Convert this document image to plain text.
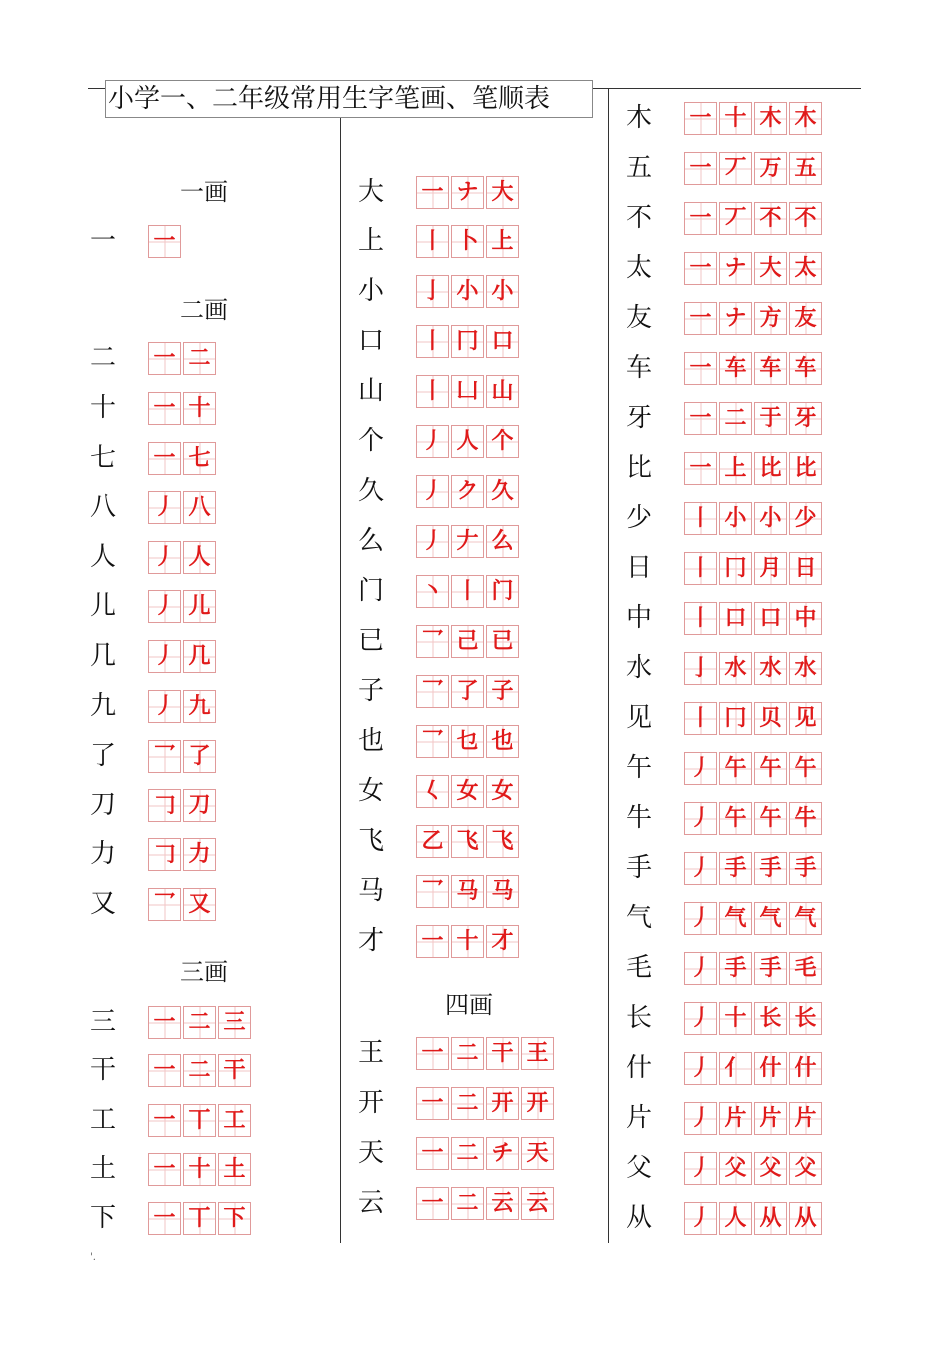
小学一、二年级常用生字笔画、笔顺表
一画
一 一
二画
二 一 二
十 一 十
七 一 七
八 丿 八
人 丿 人
儿 丿 儿
几 丿 几
九 丿 九
了 乛 了
刀 𠃌 刀
力 𠃌 力
又 乛 又
三画
三 一 二 三
干 一 二 干
工 一 丅 工
土 一 十 土
下 一 丅 下
大 一 ナ 大
上 丨 卜 上
小 亅 小 小
口 丨 冂 口
山 丨 凵 山
个 丿 人 个
久 丿 ク 久
么 丿 𠂇 么
门 丶 丨 门
已 乛 己 已
子 乛 了 子
也 乛 乜 也
女 𡿨 女 女
飞 乙 飞 飞
马 乛 马 马
才 一 十 才
四画
王 一 二 干 王
开 一 二 开 开
天 一 二 チ 天
云 一 二 云 云
木 一 十 木 木
五 一 丆 万 五
不 一 丆 不 不
太 一 ナ 大 太
友 一 ナ 方 友
车 一 车 车 车
牙 一 二 于 牙
比 一 上 比 比
少 丨 小 小 少
日 丨 冂 月 日
中 丨 口 口 中
水 亅 水 水 水
见 丨 冂 贝 见
午 丿 午 午 午
牛 丿 午 午 牛
手 丿 手 手 手
气 丿 气 气 气
毛 丿 手 手 毛
长 丿 十 长 长
什 丿 亻 什 什
片 丿 片 片 片
父 丿 父 父 父
从 丿 人 从 从
'.
